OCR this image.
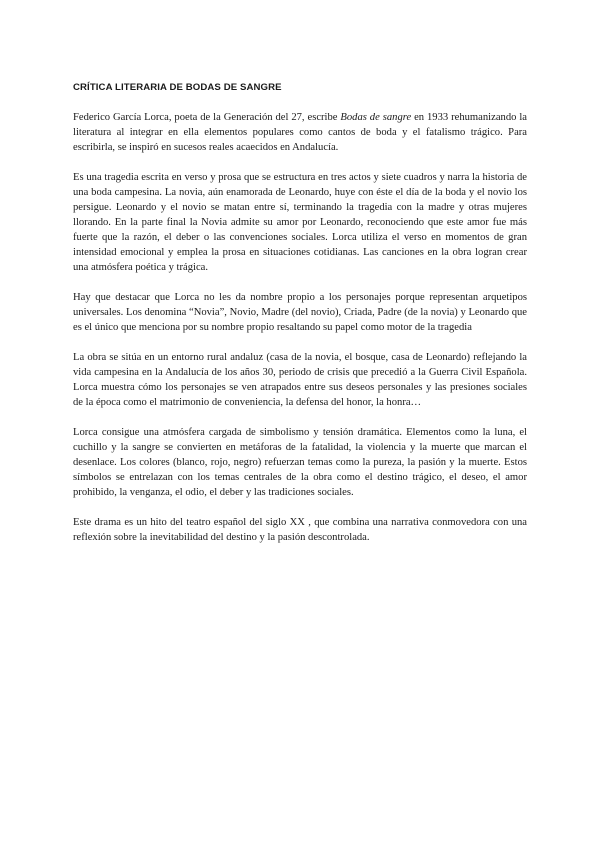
CRÍTICA LITERARIA DE BODAS DE SANGRE

Federico García Lorca, poeta de la Generación del 27, escribe Bodas de sangre en 1933 rehumanizando la literatura al integrar en ella elementos populares como cantos de boda y el fatalismo trágico. Para escribirla, se inspiró en sucesos reales acaecidos en Andalucía.

Es una tragedia escrita en verso y prosa que se estructura en tres actos y siete cuadros y narra la historia de una boda campesina. La novia, aún enamorada de Leonardo, huye con éste el día de la boda y el novio los persigue. Leonardo y el novio se matan entre sí, terminando la tragedia con la madre y otras mujeres llorando. En la parte final la Novia admite su amor por Leonardo, reconociendo que este amor fue más fuerte que la razón, el deber o las convenciones sociales. Lorca utiliza el verso en momentos de gran intensidad emocional y emplea la prosa en situaciones cotidianas. Las canciones en la obra logran crear una atmósfera poética y trágica.

Hay que destacar que Lorca no les da nombre propio a los personajes porque representan arquetipos universales. Los denomina “Novia”, Novio, Madre (del novio), Criada, Padre (de la novia) y Leonardo que es el único que menciona por su nombre propio resaltando su papel como motor de la tragedia

La obra se sitúa en un entorno rural andaluz (casa de la novia, el bosque, casa de Leonardo) reflejando la vida campesina en la Andalucía de los años 30, periodo de crisis que precedió a la Guerra Civil Española. Lorca muestra cómo los personajes se ven atrapados entre sus deseos personales y las presiones sociales de la época como el matrimonio de conveniencia, la defensa del honor, la honra…

Lorca consigue una atmósfera cargada de simbolismo y tensión dramática. Elementos como la luna, el cuchillo y la sangre se convierten en metáforas de la fatalidad, la violencia y la muerte que marcan el desenlace. Los colores (blanco, rojo, negro) refuerzan temas como la pureza, la pasión y la muerte. Estos símbolos se entrelazan con los temas centrales de la obra como el destino trágico, el deseo, el amor prohibido, la venganza, el odio, el deber y las tradiciones sociales.

Este drama es un hito del teatro español del siglo XX , que combina una narrativa conmovedora con una reflexión sobre la inevitabilidad del destino y la pasión descontrolada.
